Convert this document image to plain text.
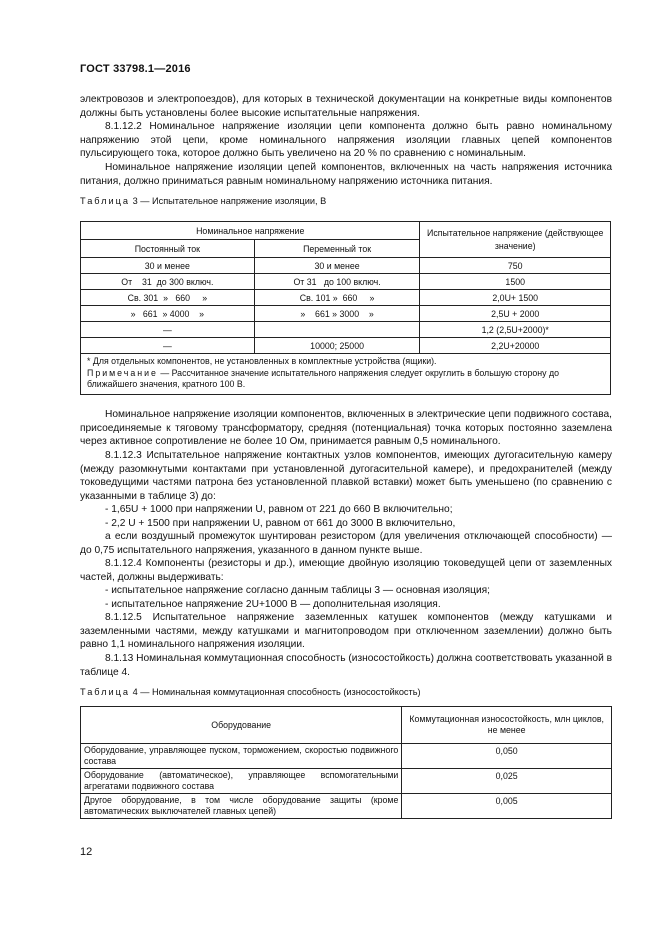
ГОСТ 33798.1—2016
электровозов и электропоездов), для которых в технической документации на конкретные виды компонентов должны быть установлены более высокие испытательные напряжения.
8.1.12.2 Номинальное напряжение изоляции цепи компонента должно быть равно номинальному напряжению этой цепи, кроме номинального напряжения изоляции главных цепей компонентов пульсирующего тока, которое должно быть увеличено на 20 % по сравнению с номинальным.
Номинальное напряжение изоляции цепей компонентов, включенных на часть напряжения источника питания, должно приниматься равным номинальному напряжению источника питания.
Таблица 3 — Испытательное напряжение изоляции, В
Номинальное напряжение		Испытательное напряжение (действующее значение)
Постоянный ток	Переменный ток	
30 и менее	30 и менее	750
От    31  до 300 включ.	От 31   до 100 включ.	1500
Св. 301  »   660     »	Св. 101 »  660     »	2,0U+ 1500
»   661  » 4000    »	»    661 » 3000    »	2,5U + 2000
—		1,2 (2,5U+2000)*
—	10000; 25000	2,2U+20000

* Для отдельных компонентов, не установленных в комплектные устройства (ящики).
Примечание — Рассчитанное значение испытательного напряжения следует округлить в большую сторону до ближайшего значения, кратного 100 В.		
Номинальное напряжение изоляции компонентов, включенных в электрические цепи подвижного состава, присоединяемые к тяговому трансформатору, средняя (потенциальная) точка которых постоянно заземлена через активное сопротивление не более 10 Ом, принимается равным 0,5 номинального.
8.1.12.3 Испытательное напряжение контактных узлов компонентов, имеющих дугогасительную камеру (между разомкнутыми контактами при установленной дугогасительной камере), и предохранителей (между токоведущими частями патрона без установленной плавкой вставки) может быть уменьшено (по сравнению с указанными в таблице 3) до:
- 1,65U + 1000 при напряжении U, равном от 221 до 660 В включительно;
- 2,2 U + 1500 при напряжении U, равном от 661 до 3000 В включительно,
а если воздушный промежуток шунтирован резистором (для увеличения отключающей способности) — до 0,75 испытательного напряжения, указанного в данном пункте выше.
8.1.12.4 Компоненты (резисторы и др.), имеющие двойную изоляцию токоведущей цепи от заземленных частей, должны выдерживать:
- испытательное напряжение согласно данным таблицы 3 — основная изоляция;
- испытательное напряжение 2U+1000 В — дополнительная изоляция.
8.1.12.5 Испытательное напряжение заземленных катушек компонентов (между катушками и заземленными частями, между катушками и магнитопроводом при отключенном заземлении) должно быть равно 1,1 номинального напряжения изоляции.
8.1.13 Номинальная коммутационная способность (износостойкость) должна соответствовать указанной в таблице 4.
Таблица 4 — Номинальная коммутационная способность (износостойкость)
Оборудование	Коммутационная износостойкость, млн циклов, не менее
Оборудование, управляющее пуском, торможением, скоростью подвижного состава	0,050
Оборудование (автоматическое), управляющее вспомогательными агрегатами подвижного состава	0,025
Другое оборудование, в том числе оборудование защиты (кроме автоматических выключателей главных цепей)	0,005
12
